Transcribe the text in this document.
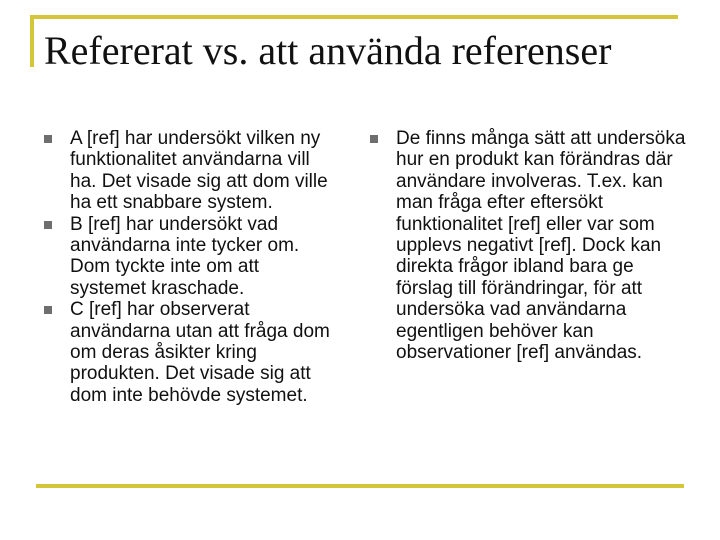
Refererat vs. att använda referenser
A [ref] har undersökt vilken ny funktionalitet användarna vill ha. Det visade sig att dom ville ha ett snabbare system.
B [ref] har undersökt vad användarna inte tycker om. Dom tyckte inte om att systemet kraschade.
C [ref] har observerat användarna utan att fråga dom om deras åsikter kring produkten. Det visade sig att dom inte behövde systemet.
De finns många sätt att undersöka hur en produkt kan förändras där användare involveras. T.ex. kan man fråga efter eftersökt funktionalitet [ref] eller var som upplevs negativt [ref]. Dock kan direkta frågor ibland bara ge förslag till förändringar, för att undersöka vad användarna egentligen behöver kan observationer [ref] användas.
